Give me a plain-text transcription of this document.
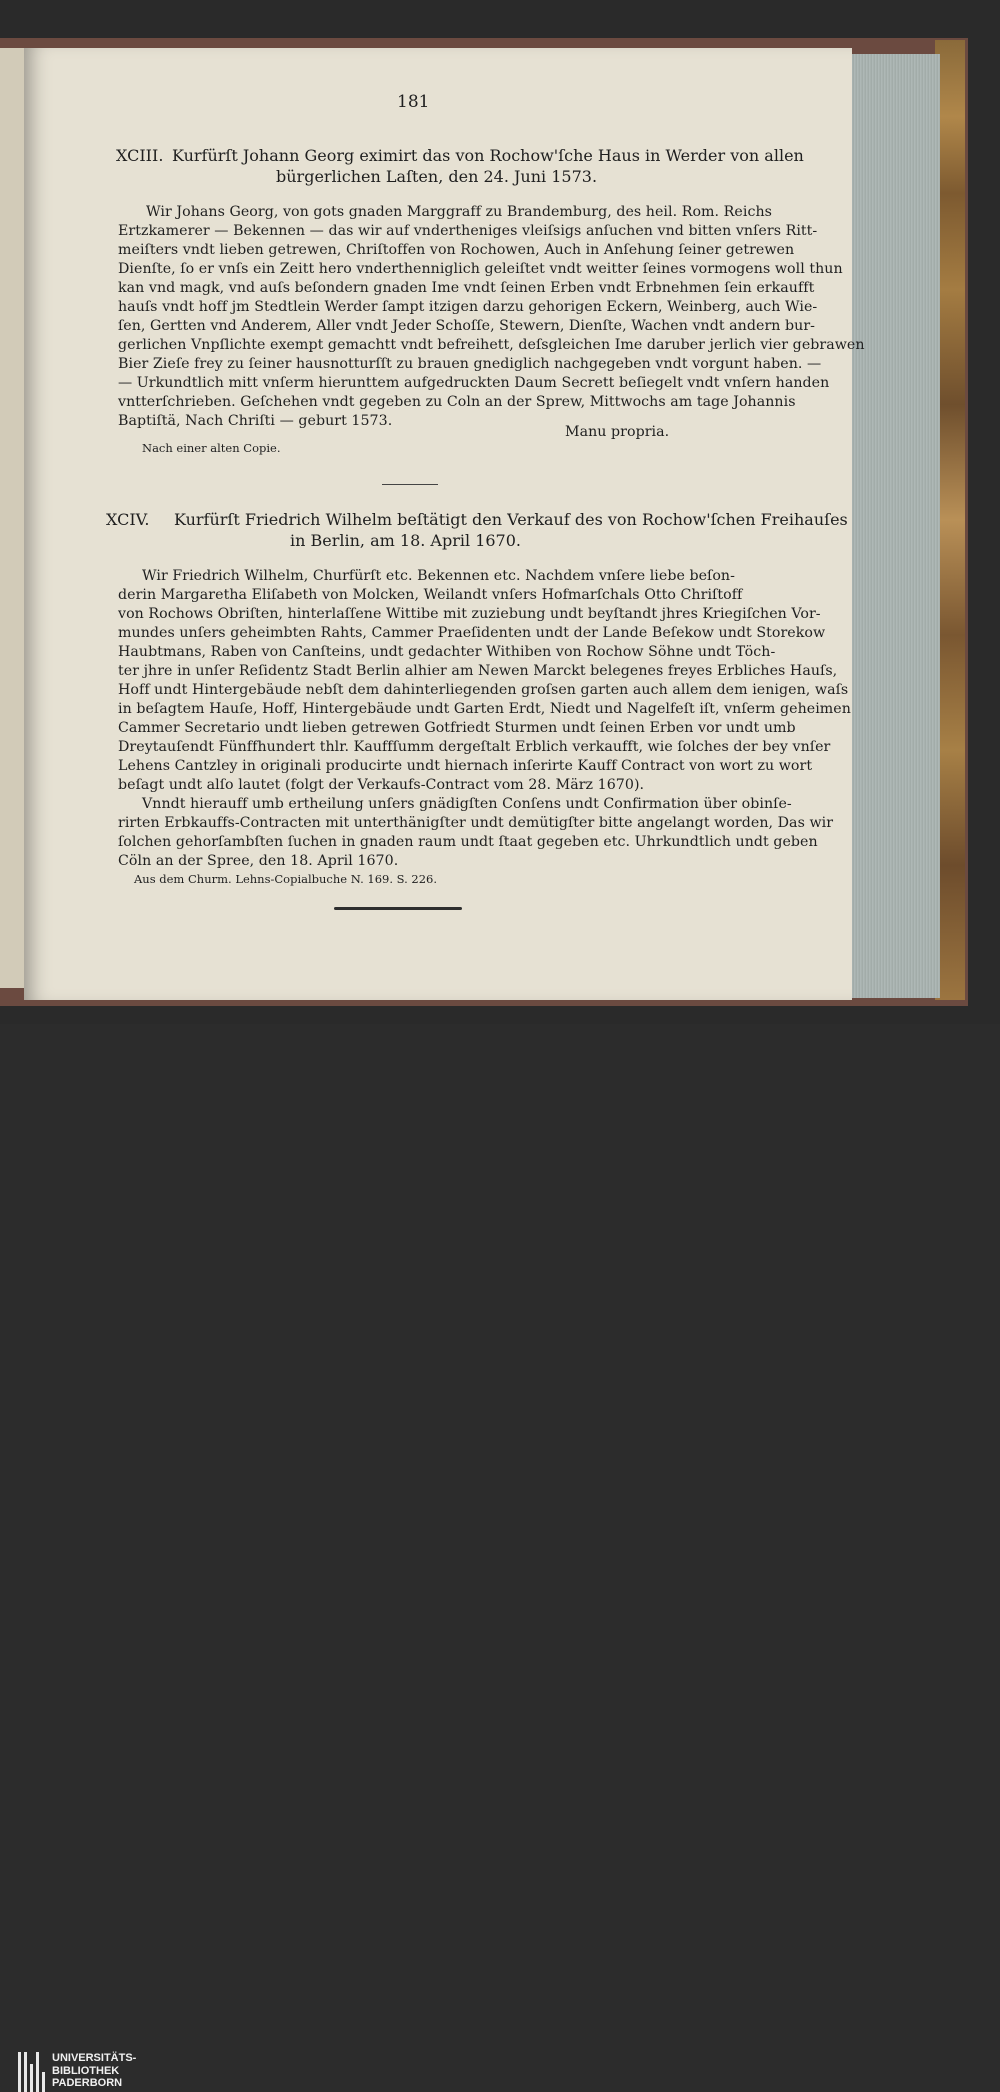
181
XCIII. Kurfürſt Johann Georg eximirt das von Rochow'ſche Haus in Werder von allen
bürgerlichen Laſten, den 24. Juni 1573.
Wir Johans Georg, von gots gnaden Marggraff zu Brandemburg, des heil. Rom. Reichs
Ertzkamerer — Bekennen — das wir auf vndertheniges vleiſsigs anſuchen vnd bitten vnſers Ritt-
meiſters vndt lieben getrewen, Chriſtoffen von Rochowen, Auch in Anſehung ſeiner getrewen
Dienſte, ſo er vnſs ein Zeitt hero vnderthenniglich geleiſtet vndt weitter ſeines vormogens woll thun
kan vnd magk, vnd auſs beſondern gnaden Ime vndt ſeinen Erben vndt Erbnehmen ſein erkaufft
hauſs vndt hoff jm Stedtlein Werder ſampt itzigen darzu gehorigen Eckern, Weinberg, auch Wie-
ſen, Gertten vnd Anderem, Aller vndt Jeder Schoſſe, Stewern, Dienſte, Wachen vndt andern bur-
gerlichen Vnpſlichte exempt gemachtt vndt befreihett, deſsgleichen Ime daruber jerlich vier gebrawen
Bier Zieſe frey zu ſeiner hausnotturſſt zu brauen gnediglich nachgegeben vndt vorgunt haben. —
— Urkundtlich mitt vnſerm hierunttem aufgedruckten Daum Secrett beſiegelt vndt vnſern handen
vntterſchrieben. Geſchehen vndt gegeben zu Coln an der Sprew, Mittwochs am tage Johannis
Baptiſtä, Nach Chriſti — geburt 1573.
Manu propria.
Nach einer alten Copie.
XCIV. Kurfürſt Friedrich Wilhelm beſtätigt den Verkauf des von Rochow'ſchen Freihauſes
in Berlin, am 18. April 1670.
Wir Friedrich Wilhelm, Churfürſt etc. Bekennen etc. Nachdem vnſere liebe beſon-
derin Margaretha Eliſabeth von Molcken, Weilandt vnſers Hofmarſchals Otto Chriſtoff
von Rochows Obriſten, hinterlaſſene Wittibe mit zuziebung undt beyſtandt jhres Kriegiſchen Vor-
mundes unſers geheimbten Rahts, Cammer Praeſidenten undt der Lande Beſekow undt Storekow
Haubtmans, Raben von Canſteins, undt gedachter Withiben von Rochow Söhne undt Töch-
ter jhre in unſer Reſidentz Stadt Berlin alhier am Newen Marckt belegenes freyes Erbliches Hauſs,
Hoff undt Hintergebäude nebſt dem dahinterliegenden groſsen garten auch allem dem ienigen, waſs
in beſagtem Hauſe, Hoff, Hintergebäude undt Garten Erdt, Niedt und Nagelfeſt iſt, vnſerm geheimen
Cammer Secretario undt lieben getrewen Gotfriedt Sturmen undt ſeinen Erben vor undt umb
Dreytauſendt Fünffhundert thlr. Kauffſumm dergeſtalt Erblich verkaufft, wie ſolches der bey vnſer
Lehens Cantzley in originali producirte undt hiernach inſerirte Kauff Contract von wort zu wort
beſagt undt alſo lautet (folgt der Verkaufs-Contract vom 28. März 1670).
Vnndt hierauff umb ertheilung unſers gnädigſten Conſens undt Confirmation über obinſe-
rirten Erbkauffs-Contracten mit unterthänigſter undt demütigſter bitte angelangt worden, Das wir
ſolchen gehorſambſten ſuchen in gnaden raum undt ſtaat gegeben etc. Uhrkundtlich undt geben
Cöln an der Spree, den 18. April 1670.
Aus dem Churm. Lehns-Copialbuche N. 169. S. 226.
UNIVERSITÄTS-
BIBLIOTHEK
PADERBORN
